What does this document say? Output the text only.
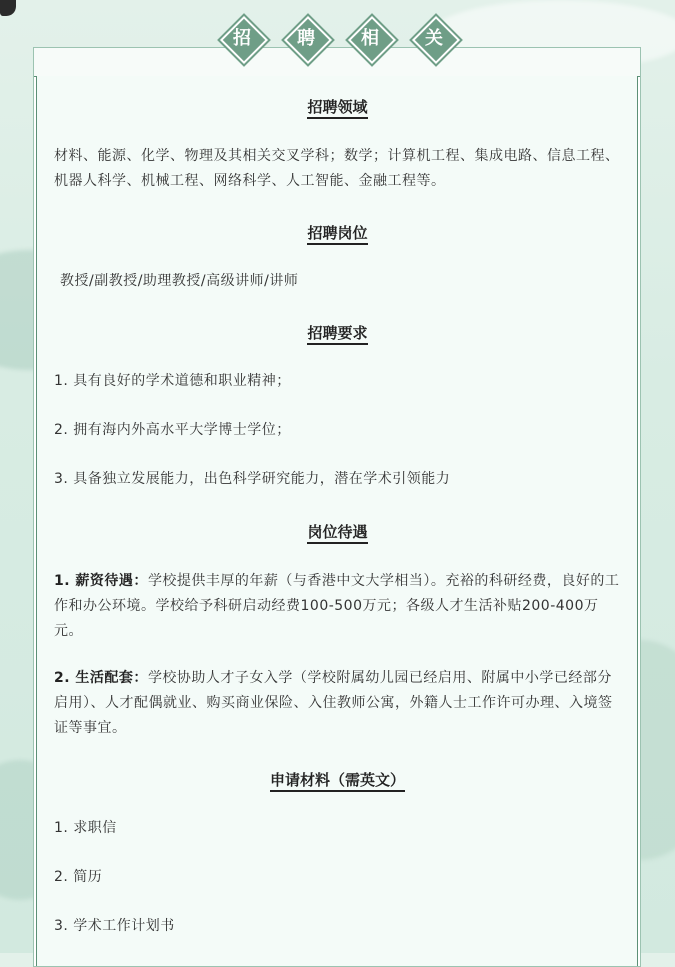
招	聘	相	关
招聘领域
材料、能源、化学、物理及其相关交叉学科；数学；计算机工程、集成电路、信息工程、机器人科学、机械工程、网络科学、人工智能、金融工程等。
招聘岗位
教授/副教授/助理教授/高级讲师/讲师
招聘要求
1. 具有良好的学术道德和职业精神；
2. 拥有海内外高水平大学博士学位；
3. 具备独立发展能力，出色科学研究能力，潜在学术引领能力
岗位待遇
1. 薪资待遇：学校提供丰厚的年薪（与香港中文大学相当）。充裕的科研经费，良好的工作和办公环境。学校给予科研启动经费100-500万元；各级人才生活补贴200-400万元。
2. 生活配套：学校协助人才子女入学（学校附属幼儿园已经启用、附属中小学已经部分启用）、人才配偶就业、购买商业保险、入住教师公寓，外籍人士工作许可办理、入境签证等事宜。
申请材料（需英文）
1. 求职信
2. 简历
3. 学术工作计划书
